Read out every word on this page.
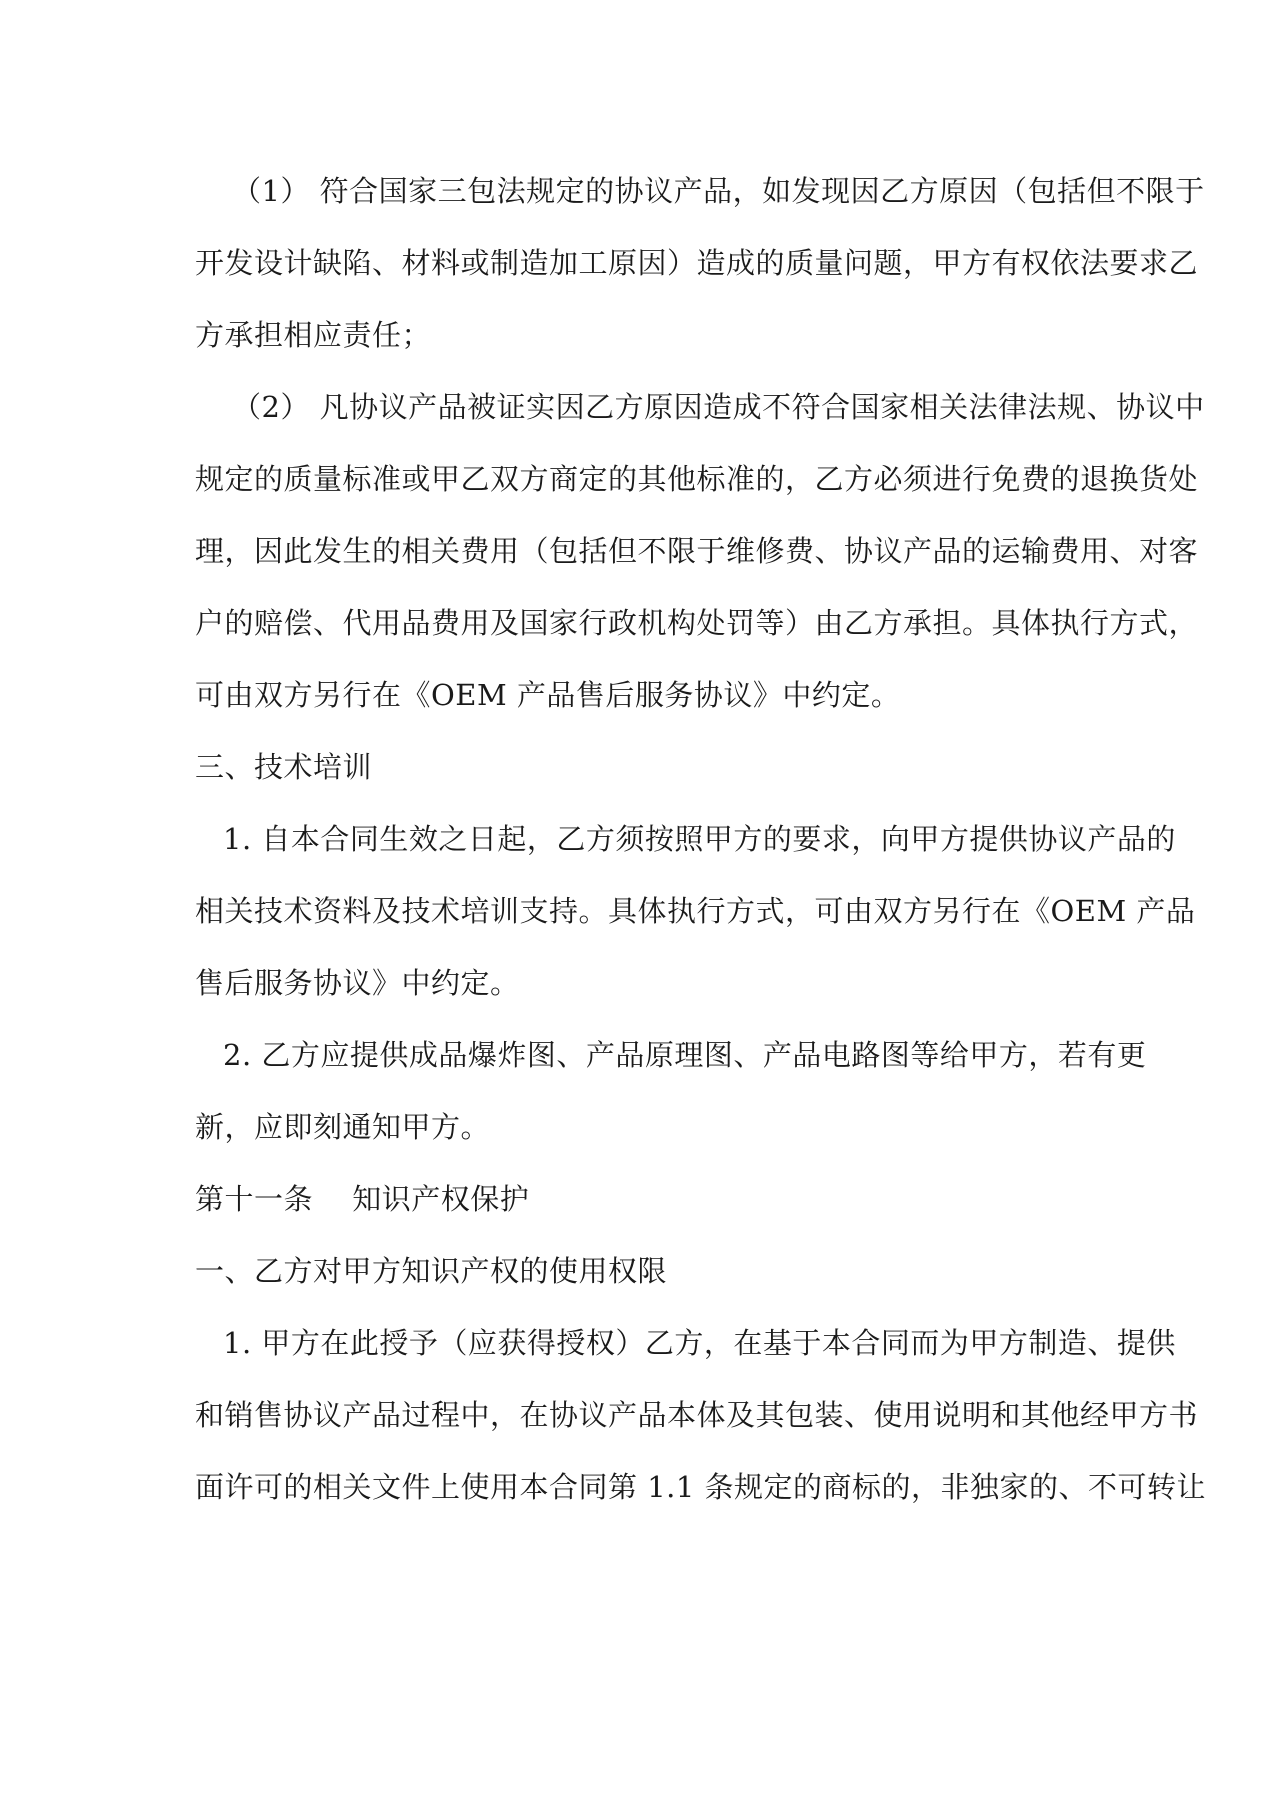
（1） 符合国家三包法规定的协议产品，如发现因乙方原因（包括但不限于
开发设计缺陷、材料或制造加工原因）造成的质量问题，甲方有权依法要求乙
方承担相应责任；
（2） 凡协议产品被证实因乙方原因造成不符合国家相关法律法规、协议中
规定的质量标准或甲乙双方商定的其他标准的，乙方必须进行免费的退换货处
理，因此发生的相关费用（包括但不限于维修费、协议产品的运输费用、对客
户的赔偿、代用品费用及国家行政机构处罚等）由乙方承担。具体执行方式，
可由双方另行在《OEM 产品售后服务协议》中约定。
三、技术培训
1. 自本合同生效之日起，乙方须按照甲方的要求，向甲方提供协议产品的
相关技术资料及技术培训支持。具体执行方式，可由双方另行在《OEM 产品
售后服务协议》中约定。
2. 乙方应提供成品爆炸图、产品原理图、产品电路图等给甲方，若有更
新，应即刻通知甲方。
第十一条　 知识产权保护
一、乙方对甲方知识产权的使用权限
1. 甲方在此授予（应获得授权）乙方，在基于本合同而为甲方制造、提供
和销售协议产品过程中，在协议产品本体及其包装、使用说明和其他经甲方书
面许可的相关文件上使用本合同第 1.1 条规定的商标的，非独家的、不可转让
